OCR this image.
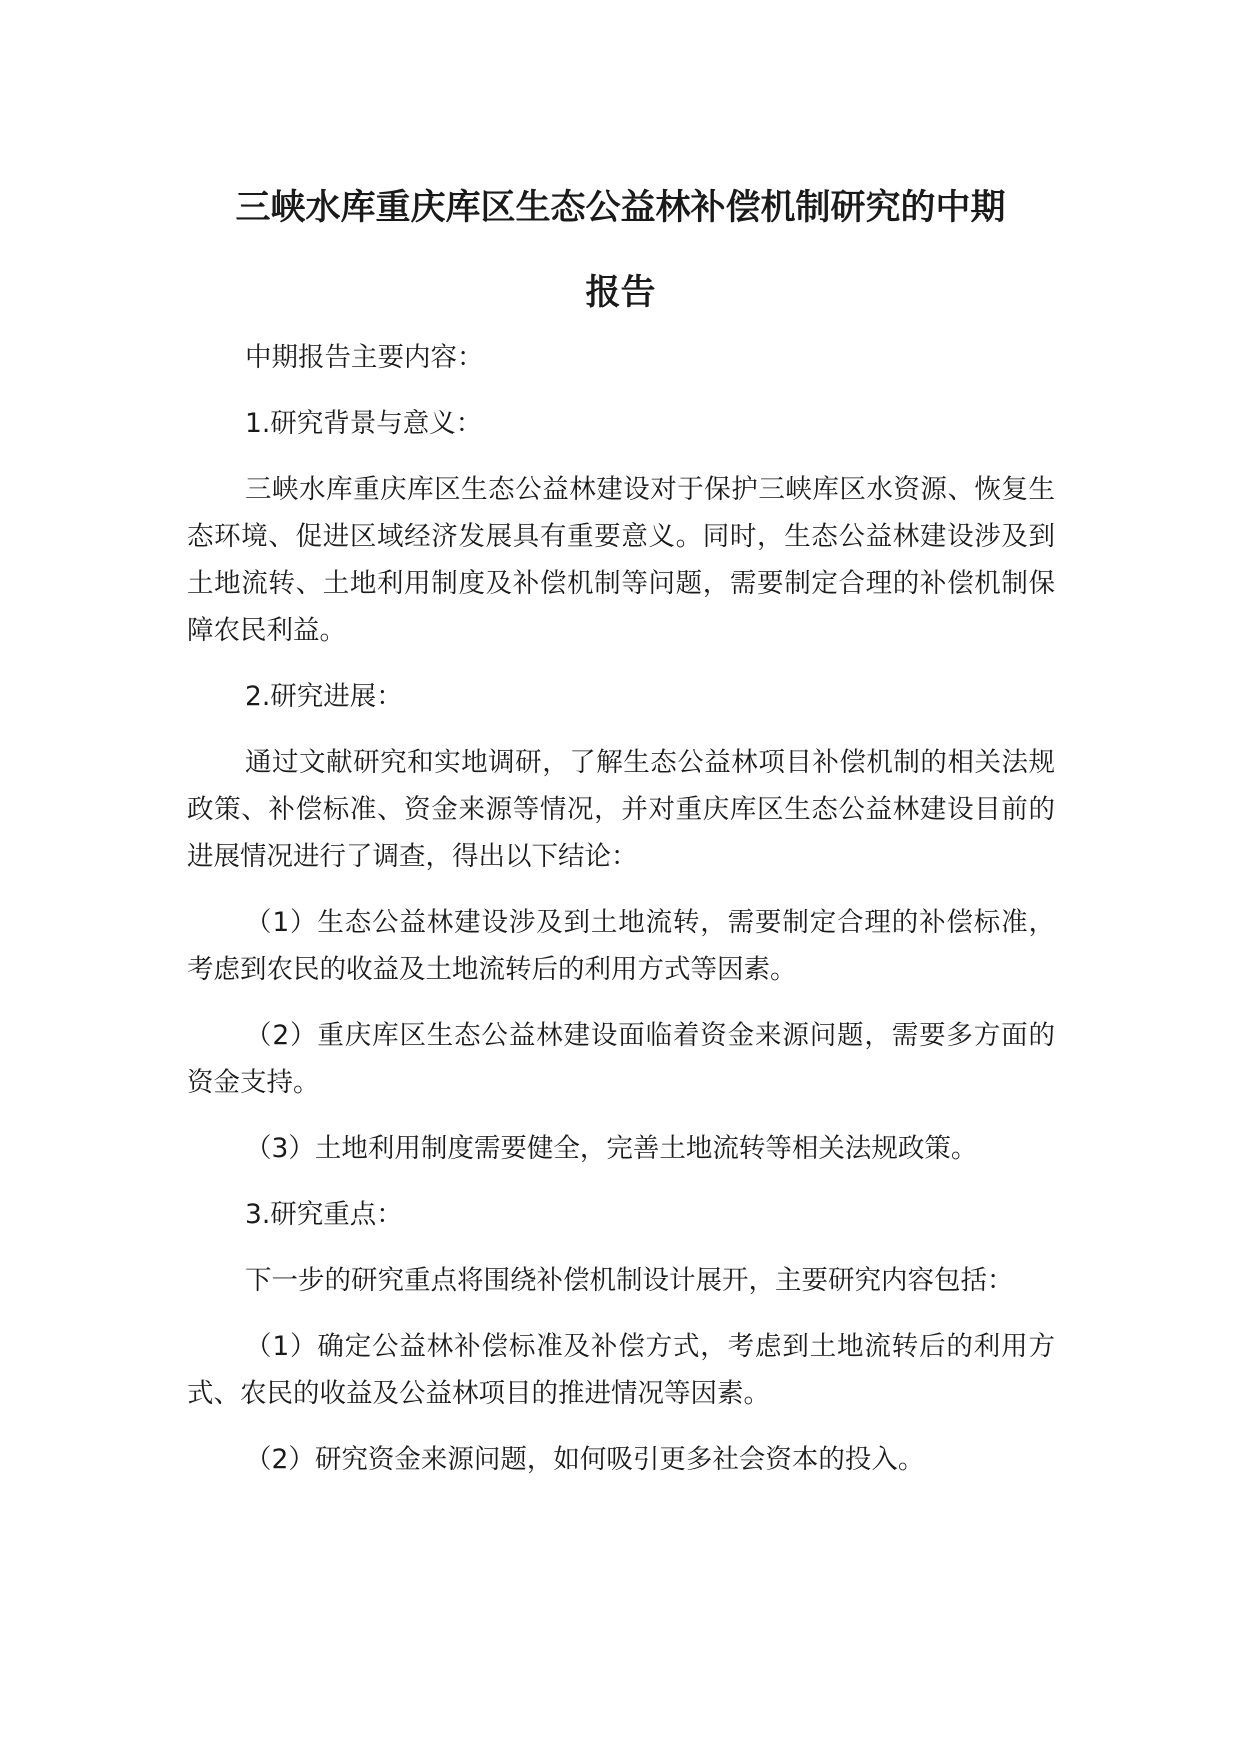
三峡水库重庆库区生态公益林补偿机制研究的中期
报告

中期报告主要内容：

1.研究背景与意义：

三峡水库重庆库区生态公益林建设对于保护三峡库区水资源、恢复生态环境、促进区域经济发展具有重要意义。同时，生态公益林建设涉及到土地流转、土地利用制度及补偿机制等问题，需要制定合理的补偿机制保障农民利益。

2.研究进展：

通过文献研究和实地调研，了解生态公益林项目补偿机制的相关法规政策、补偿标准、资金来源等情况，并对重庆库区生态公益林建设目前的进展情况进行了调查，得出以下结论：

（1）生态公益林建设涉及到土地流转，需要制定合理的补偿标准，考虑到农民的收益及土地流转后的利用方式等因素。

（2）重庆库区生态公益林建设面临着资金来源问题，需要多方面的资金支持。

（3）土地利用制度需要健全，完善土地流转等相关法规政策。

3.研究重点：

下一步的研究重点将围绕补偿机制设计展开，主要研究内容包括：

（1）确定公益林补偿标准及补偿方式，考虑到土地流转后的利用方式、农民的收益及公益林项目的推进情况等因素。

（2）研究资金来源问题，如何吸引更多社会资本的投入。
